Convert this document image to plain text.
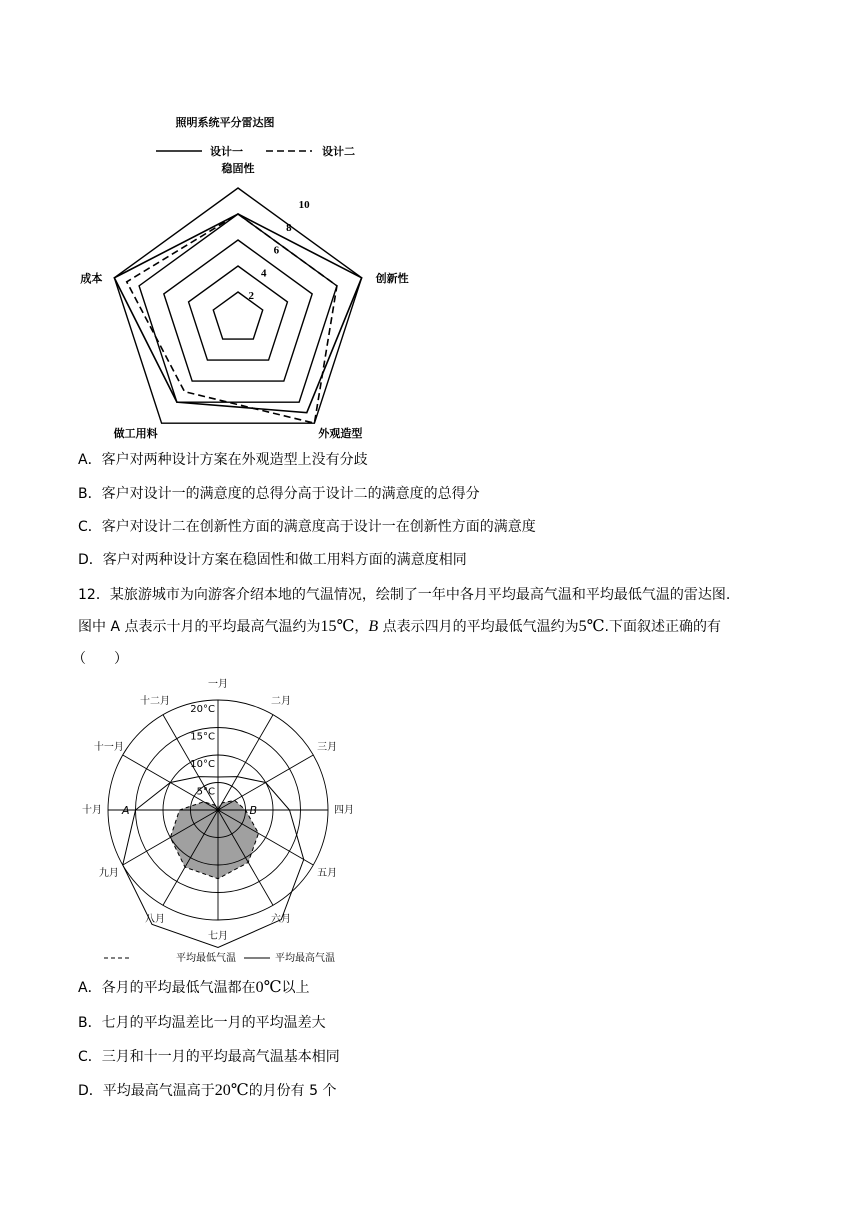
照明系统平分雷达图
设计一	设计二
2
4
6
8
10
稳固性
创新性
外观造型
做工用料
成本
A．客户对两种设计方案在外观造型上没有分歧
B．客户对设计一的满意度的总得分高于设计二的满意度的总得分
C．客户对设计二在创新性方面的满意度高于设计一在创新性方面的满意度
D．客户对两种设计方案在稳固性和做工用料方面的满意度相同
12．某旅游城市为向游客介绍本地的气温情况，绘制了一年中各月平均最高气温和平均最低气温的雷达图.
图中 A 点表示十月的平均最高气温约为15℃，B 点表示四月的平均最低气温约为5℃.下面叙述正确的有
（　　）
5°C
10°C
15°C
20°C
一月
二月
三月
四月
五月
六月
七月
八月
九月
十月
十一月
十二月
A	B
平均最低气温	平均最高气温
A．各月的平均最低气温都在0℃以上
B．七月的平均温差比一月的平均温差大
C．三月和十一月的平均最高气温基本相同
D．平均最高气温高于20℃的月份有 5 个
